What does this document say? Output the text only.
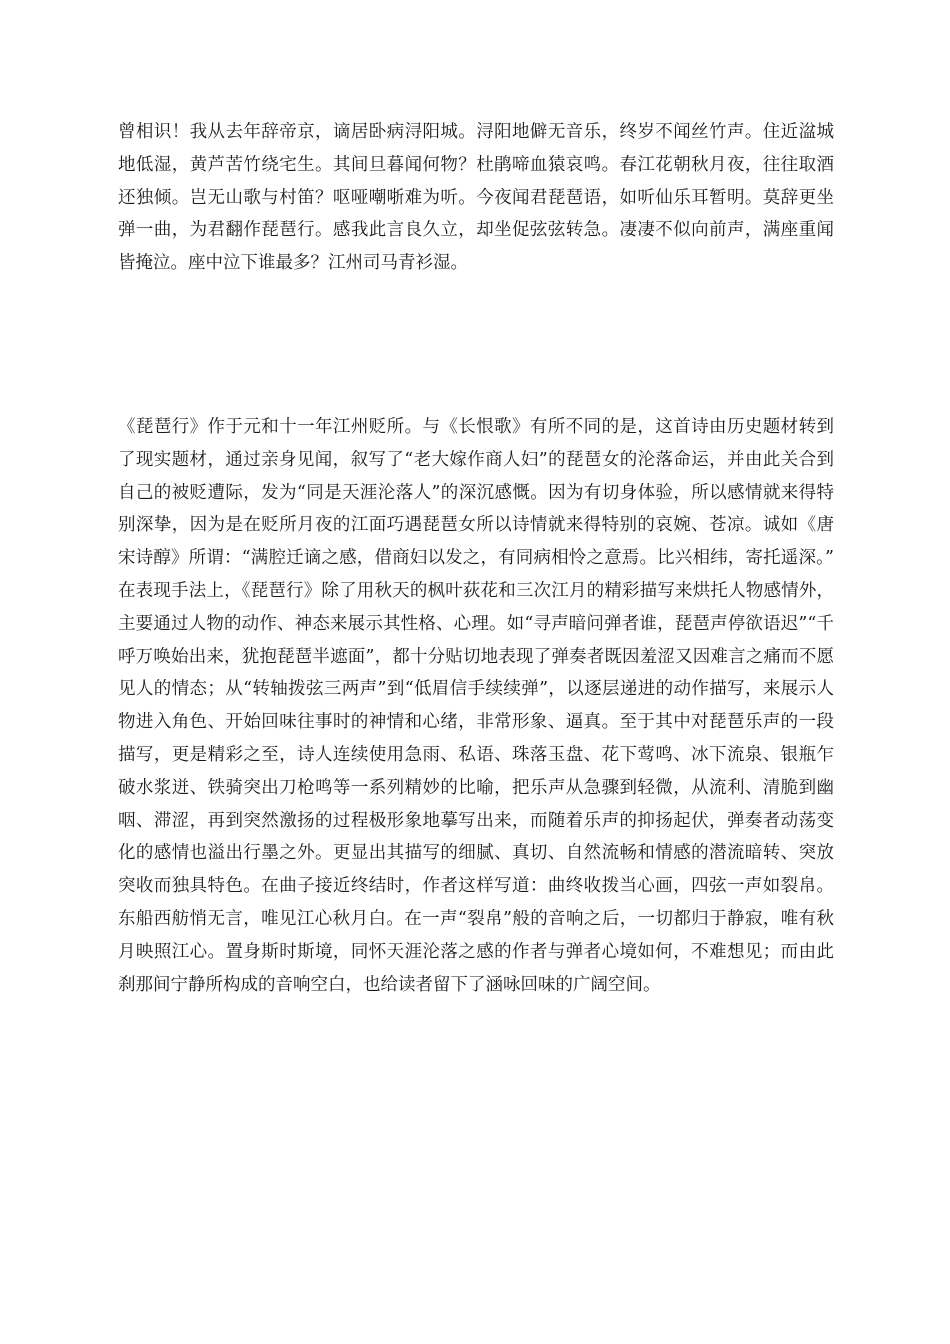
曾相识！我从去年辞帝京，谪居卧病浔阳城。浔阳地僻无音乐，终岁不闻丝竹声。住近湓城地低湿，黄芦苦竹绕宅生。其间旦暮闻何物？杜鹃啼血猿哀鸣。春江花朝秋月夜，往往取酒还独倾。岂无山歌与村笛？呕哑嘲哳难为听。今夜闻君琵琶语，如听仙乐耳暂明。莫辞更坐弹一曲，为君翻作琵琶行。感我此言良久立，却坐促弦弦转急。凄凄不似向前声，满座重闻皆掩泣。座中泣下谁最多？江州司马青衫湿。

《琵琶行》作于元和十一年江州贬所。与《长恨歌》有所不同的是，这首诗由历史题材转到了现实题材，通过亲身见闻，叙写了“老大嫁作商人妇”的琵琶女的沦落命运，并由此关合到自己的被贬遭际，发为“同是天涯沦落人”的深沉感慨。因为有切身体验，所以感情就来得特别深挚，因为是在贬所月夜的江面巧遇琵琶女所以诗情就来得特别的哀婉、苍凉。诚如《唐宋诗醇》所谓：“满腔迁谪之感，借商妇以发之，有同病相怜之意焉。比兴相纬，寄托遥深。”　在表现手法上，《琵琶行》除了用秋天的枫叶荻花和三次江月的精彩描写来烘托人物感情外，主要通过人物的动作、神态来展示其性格、心理。如“寻声暗问弹者谁，琵琶声停欲语迟”“千呼万唤始出来，犹抱琵琶半遮面”，都十分贴切地表现了弹奏者既因羞涩又因难言之痛而不愿见人的情态；从“转轴拨弦三两声”到“低眉信手续续弹”，以逐层递进的动作描写，来展示人物进入角色、开始回味往事时的神情和心绪，非常形象、逼真。至于其中对琵琶乐声的一段描写，更是精彩之至，诗人连续使用急雨、私语、珠落玉盘、花下莺鸣、冰下流泉、银瓶乍破水浆迸、铁骑突出刀枪鸣等一系列精妙的比喻，把乐声从急骤到轻微，从流利、清脆到幽咽、滞涩，再到突然激扬的过程极形象地摹写出来，而随着乐声的抑扬起伏，弹奏者动荡变化的感情也溢出行墨之外。更显出其描写的细腻、真切、自然流畅和情感的潜流暗转、突放突收而独具特色。在曲子接近终结时，作者这样写道：曲终收拨当心画，四弦一声如裂帛。东船西舫悄无言，唯见江心秋月白。在一声“裂帛”般的音响之后，一切都归于静寂，唯有秋月映照江心。置身斯时斯境，同怀天涯沦落之感的作者与弹者心境如何，不难想见；而由此刹那间宁静所构成的音响空白，也给读者留下了涵咏回味的广阔空间。
